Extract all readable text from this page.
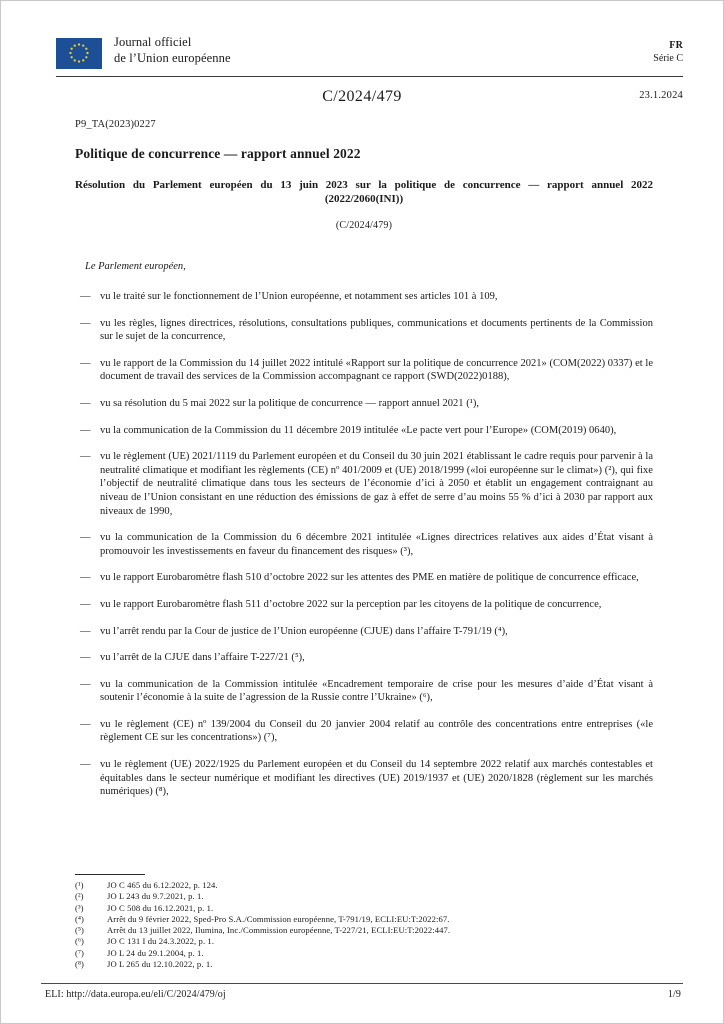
Journal officiel
de l’Union européenne
FR
Série C
C/2024/479	23.1.2024

P9_TA(2023)0227

Politique de concurrence — rapport annuel 2022

Résolution du Parlement européen du 13 juin 2023 sur la politique de concurrence — rapport annuel 2022
(2022/2060(INI))

(C/2024/479)

Le Parlement européen,

— vu le traité sur le fonctionnement de l’Union européenne, et notamment ses articles 101 à 109,
— vu les règles, lignes directrices, résolutions, consultations publiques, communications et documents pertinents de la Commission sur le sujet de la concurrence,
— vu le rapport de la Commission du 14 juillet 2022 intitulé «Rapport sur la politique de concurrence 2021» (COM(2022) 0337) et le document de travail des services de la Commission accompagnant ce rapport (SWD(2022)0188),
— vu sa résolution du 5 mai 2022 sur la politique de concurrence — rapport annuel 2021 (¹),
— vu la communication de la Commission du 11 décembre 2019 intitulée «Le pacte vert pour l’Europe» (COM(2019) 0640),
— vu le règlement (UE) 2021/1119 du Parlement européen et du Conseil du 30 juin 2021 établissant le cadre requis pour parvenir à la neutralité climatique et modifiant les règlements (CE) nº 401/2009 et (UE) 2018/1999 («loi européenne sur le climat») (²), qui fixe l’objectif de neutralité climatique dans tous les secteurs de l’économie d’ici à 2050 et établit un engagement contraignant au niveau de l’Union consistant en une réduction des émissions de gaz à effet de serre d’au moins 55 % d’ici à 2030 par rapport aux niveaux de 1990,
— vu la communication de la Commission du 6 décembre 2021 intitulée «Lignes directrices relatives aux aides d’État visant à promouvoir les investissements en faveur du financement des risques» (³),
— vu le rapport Eurobaromètre flash 510 d’octobre 2022 sur les attentes des PME en matière de politique de concurrence efficace,
— vu le rapport Eurobaromètre flash 511 d’octobre 2022 sur la perception par les citoyens de la politique de concurrence,
— vu l’arrêt rendu par la Cour de justice de l’Union européenne (CJUE) dans l’affaire T-791/19 (⁴),
— vu l’arrêt de la CJUE dans l’affaire T-227/21 (⁵),
— vu la communication de la Commission intitulée «Encadrement temporaire de crise pour les mesures d’aide d’État visant à soutenir l’économie à la suite de l’agression de la Russie contre l’Ukraine» (⁶),
— vu le règlement (CE) nº 139/2004 du Conseil du 20 janvier 2004 relatif au contrôle des concentrations entre entreprises («le règlement CE sur les concentrations») (⁷),
— vu le règlement (UE) 2022/1925 du Parlement européen et du Conseil du 14 septembre 2022 relatif aux marchés contestables et équitables dans le secteur numérique et modifiant les directives (UE) 2019/1937 et (UE) 2020/1828 (règlement sur les marchés numériques) (⁸),
(¹)	JO C 465 du 6.12.2022, p. 124.
(²)	JO L 243 du 9.7.2021, p. 1.
(³)	JO C 508 du 16.12.2021, p. 1.
(⁴)	Arrêt du 9 février 2022, Sped-Pro S.A./Commission européenne, T-791/19, ECLI:EU:T:2022:67.
(⁵)	Arrêt du 13 juillet 2022, Ilumina, Inc./Commission européenne, T-227/21, ECLI:EU:T:2022:447.
(⁶)	JO C 131 I du 24.3.2022, p. 1.
(⁷)	JO L 24 du 29.1.2004, p. 1.
(⁸)	JO L 265 du 12.10.2022, p. 1.
ELI: http://data.europa.eu/eli/C/2024/479/oj	1/9
